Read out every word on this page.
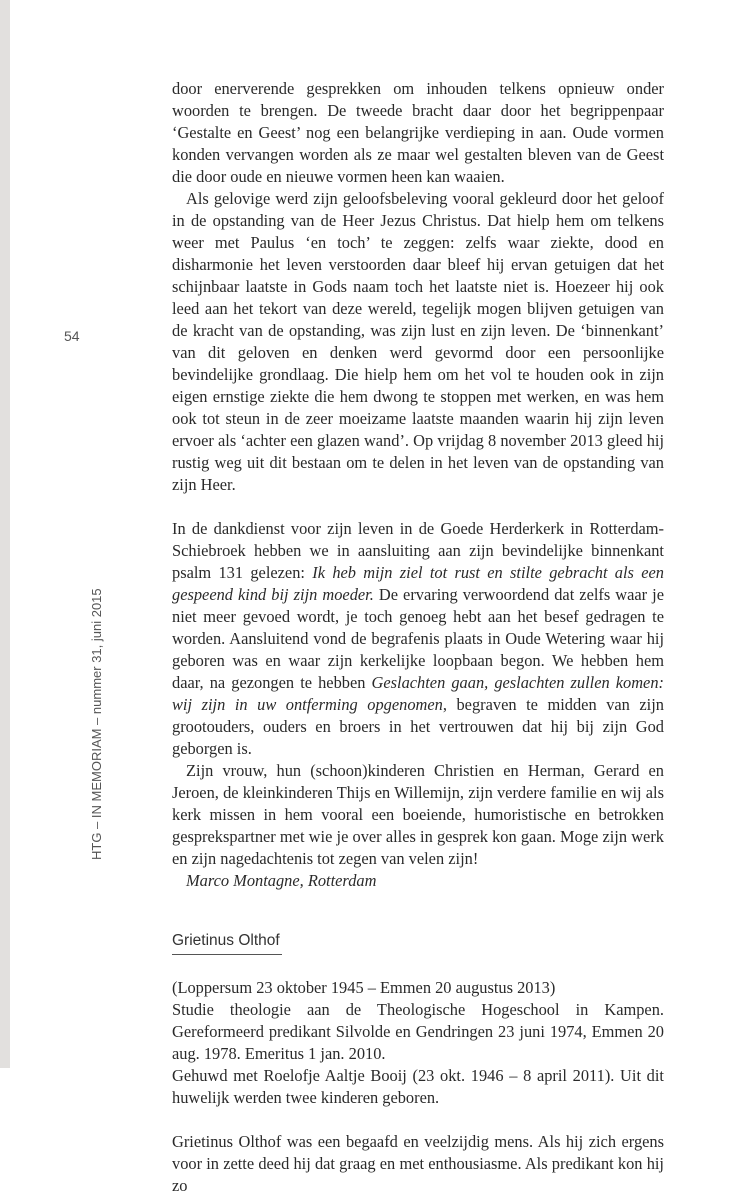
54
HTG – IN MEMORIAM – nummer 31, juni 2015

door enerverende gesprekken om inhouden telkens opnieuw onder woorden te brengen. De tweede bracht daar door het begrippenpaar ‘Gestalte en Geest’ nog een belangrijke verdieping in aan. Oude vormen konden vervangen worden als ze maar wel gestalten bleven van de Geest die door oude en nieuwe vormen heen kan waaien.

Als gelovige werd zijn geloofsbeleving vooral gekleurd door het geloof in de opstanding van de Heer Jezus Christus. Dat hielp hem om telkens weer met Paulus ‘en toch’ te zeggen: zelfs waar ziekte, dood en disharmonie het leven verstoorden daar bleef hij ervan getuigen dat het schijnbaar laatste in Gods naam toch het laatste niet is. Hoezeer hij ook leed aan het tekort van deze wereld, tegelijk mogen blijven getuigen van de kracht van de opstanding, was zijn lust en zijn leven. De ‘binnenkant’ van dit geloven en denken werd gevormd door een persoonlijke bevindelijke grondlaag. Die hielp hem om het vol te houden ook in zijn eigen ernstige ziekte die hem dwong te stoppen met werken, en was hem ook tot steun in de zeer moeizame laatste maanden waarin hij zijn leven ervoer als ‘achter een glazen wand’. Op vrijdag 8 november 2013 gleed hij rustig weg uit dit bestaan om te delen in het leven van de opstanding van zijn Heer.

In de dankdienst voor zijn leven in de Goede Herderkerk in Rotterdam-Schiebroek hebben we in aansluiting aan zijn bevindelijke binnenkant psalm 131 gelezen: Ik heb mijn ziel tot rust en stilte gebracht als een gespeend kind bij zijn moeder. De ervaring verwoordend dat zelfs waar je niet meer gevoed wordt, je toch genoeg hebt aan het besef gedragen te worden. Aansluitend vond de begrafenis plaats in Oude Wetering waar hij geboren was en waar zijn kerkelijke loopbaan begon. We hebben hem daar, na gezongen te hebben Geslachten gaan, geslachten zullen komen: wij zijn in uw ontferming opgenomen, begraven te midden van zijn grootouders, ouders en broers in het vertrouwen dat hij bij zijn God geborgen is.

Zijn vrouw, hun (schoon)kinderen Christien en Herman, Gerard en Jeroen, de kleinkinderen Thijs en Willemijn, zijn verdere familie en wij als kerk missen in hem vooral een boeiende, humoristische en betrokken gesprekspartner met wie je over alles in gesprek kon gaan. Moge zijn werk en zijn nagedachtenis tot zegen van velen zijn!

Marco Montagne, Rotterdam

Grietinus Olthof

(Loppersum 23 oktober 1945 – Emmen 20 augustus 2013)

Studie theologie aan de Theologische Hogeschool in Kampen. Gereformeerd predikant Silvolde en Gendringen 23 juni 1974, Emmen 20 aug. 1978. Emeritus 1 jan. 2010.

Gehuwd met Roelofje Aaltje Booij (23 okt. 1946 – 8 april 2011). Uit dit huwelijk werden twee kinderen geboren.

Grietinus Olthof was een begaafd en veelzijdig mens. Als hij zich ergens voor in zette deed hij dat graag en met enthousiasme. Als predikant kon hij zo
